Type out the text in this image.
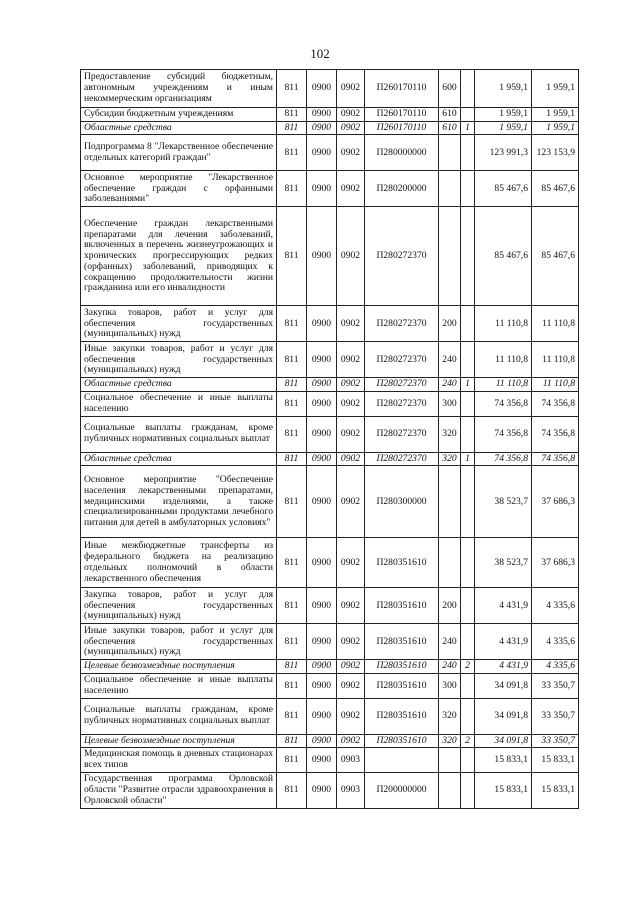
102
Предоставление субсидий бюджетным, автономным учреждениям и иным некоммерческим организациям	811	0900	0902	П260170110	600		1 959,1	1 959,1
Субсидии бюджетным учреждениям	811	0900	0902	П260170110	610		1 959,1	1 959,1
Областные средства	811	0900	0902	П260170110	610	1	1 959,1	1 959,1
Подпрограмма 8 "Лекарственное обеспечение отдельных категорий граждан"	811	0900	0902	П280000000			123 991,3	123 153,9
Основное мероприятие "Лекарственное обеспечение граждан с орфанными заболеваниями"	811	0900	0902	П280200000			85 467,6	85 467,6
Обеспечение граждан лекарственными препаратами для лечения заболеваний, включенных в перечень жизнеугрожающих и хронических прогрессирующих редких (орфанных) заболеваний, приводящих к сокращению продолжительности жизни гражданина или его инвалидности	811	0900	0902	П280272370			85 467,6	85 467,6
Закупка товаров, работ и услуг для обеспечения государственных (муниципальных) нужд	811	0900	0902	П280272370	200		11 110,8	11 110,8
Иные закупки товаров, работ и услуг для обеспечения государственных (муниципальных) нужд	811	0900	0902	П280272370	240		11 110,8	11 110,8
Областные средства	811	0900	0902	П280272370	240	1	11 110,8	11 110,8
Социальное обеспечение и иные выплаты населению	811	0900	0902	П280272370	300		74 356,8	74 356,8
Социальные выплаты гражданам, кроме публичных нормативных социальных выплат	811	0900	0902	П280272370	320		74 356,8	74 356,8
Областные средства	811	0900	0902	П280272370	320	1	74 356,8	74 356,8
Основное мероприятие "Обеспечение населения лекарственными препаратами, медицинскими изделиями, а также специализированными продуктами лечебного питания для детей в амбулаторных условиях"	811	0900	0902	П280300000			38 523,7	37 686,3
Иные межбюджетные трансферты из федерального бюджета на реализацию отдельных полномочий в области лекарственного обеспечения	811	0900	0902	П280351610			38 523,7	37 686,3
Закупка товаров, работ и услуг для обеспечения государственных (муниципальных) нужд	811	0900	0902	П280351610	200		4 431,9	4 335,6
Иные закупки товаров, работ и услуг для обеспечения государственных (муниципальных) нужд	811	0900	0902	П280351610	240		4 431,9	4 335,6
Целевые безвозмездные поступления	811	0900	0902	П280351610	240	2	4 431,9	4 335,6
Социальное обеспечение и иные выплаты населению	811	0900	0902	П280351610	300		34 091,8	33 350,7
Социальные выплаты гражданам, кроме публичных нормативных социальных выплат	811	0900	0902	П280351610	320		34 091,8	33 350,7
Целевые безвозмездные поступления	811	0900	0902	П280351610	320	2	34 091,8	33 350,7
Медицинская помощь в дневных стационарах всех типов	811	0900	0903				15 833,1	15 833,1
Государственная программа Орловской области "Развитие отрасли здравоохранения в Орловской области"	811	0900	0903	П200000000			15 833,1	15 833,1
